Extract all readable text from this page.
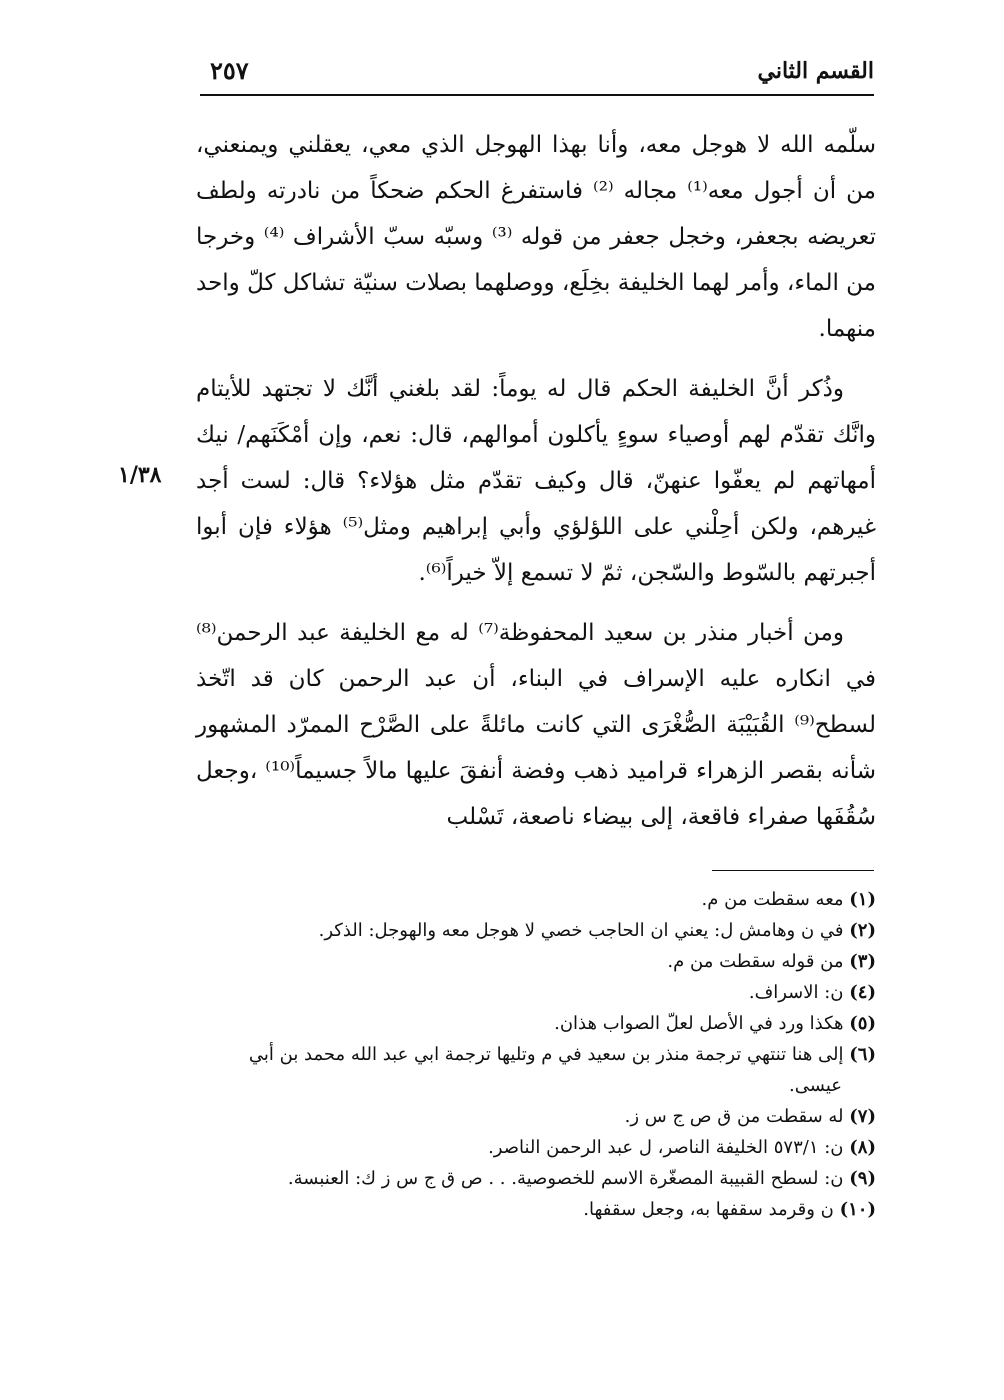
القسم الثاني
٢٥٧
١/٣٨

سلّمه الله لا هوجل معه، وأنا بهذا الهوجل الذي معي، يعقلني ويمنعني، من أن أجول معه⁽¹⁾ مجاله ⁽²⁾ فاستفرغ الحكم ضحكاً من نادرته ولطف تعريضه بجعفر، وخجل جعفر من قوله ⁽³⁾ وسبّه سبّ الأشراف ⁽⁴⁾ وخرجا من الماء، وأمر لهما الخليفة بخِلَع، ووصلهما بصلات سنيّة تشاكل كلّ واحد منهما.

وذُكر أنَّ الخليفة الحكم قال له يوماً: لقد بلغني أنَّك لا تجتهد للأيتام وانَّك تقدّم لهم أوصياء سوءٍ يأكلون أموالهم، قال: نعم، وإن أمْكَنَهم/ نيك أمهاتهم لم يعفّوا عنهنّ، قال وكيف تقدّم مثل هؤلاء؟ قال: لست أجد غيرهم، ولكن أحِلْني على اللؤلؤي وأبي إبراهيم ومثل⁽⁵⁾ هؤلاء فإن أبوا أجبرتهم بالسّوط والسّجن، ثمّ لا تسمع إلاّ خيراً⁽⁶⁾.

ومن أخبار منذر بن سعيد المحفوظة⁽⁷⁾ له مع الخليفة عبد الرحمن⁽⁸⁾ في انكاره عليه الإسراف في البناء، أن عبد الرحمن كان قد اتّخذ لسطح⁽⁹⁾ القُبَيْبَة الصُّغْرَى التي كانت مائلةً على الصَّرْح الممرّد المشهور شأنه بقصر الزهراء قراميد ذهب وفضة أنفقَ عليها مالاً جسيماً⁽¹⁰⁾ ،وجعل سُقُفَها صفراء فاقعة، إلى بيضاء ناصعة، تَسْلب

(١) معه سقطت من م.

(٢) في ن وهامش ل: يعني ان الحاجب خصي لا هوجل معه والهوجل: الذكر.

(٣) من قوله سقطت من م.

(٤) ن: الاسراف.

(٥) هكذا ورد في الأصل لعلّ الصواب هذان.

(٦) إلى هنا تنتهي ترجمة منذر بن سعيد في م وتليها ترجمة ابي عبد الله محمد بن أبي عيسى.

(٧) له سقطت من ق ص ج س ز.

(٨) ن: ٥٧٣/١ الخليفة الناصر، ل عبد الرحمن الناصر.

(٩) ن: لسطح القبيبة المصغّرة الاسم للخصوصية. . . ص ق ج س ز ك: العنبسة.

(١٠) ن وقرمد سقفها به، وجعل سقفها.
